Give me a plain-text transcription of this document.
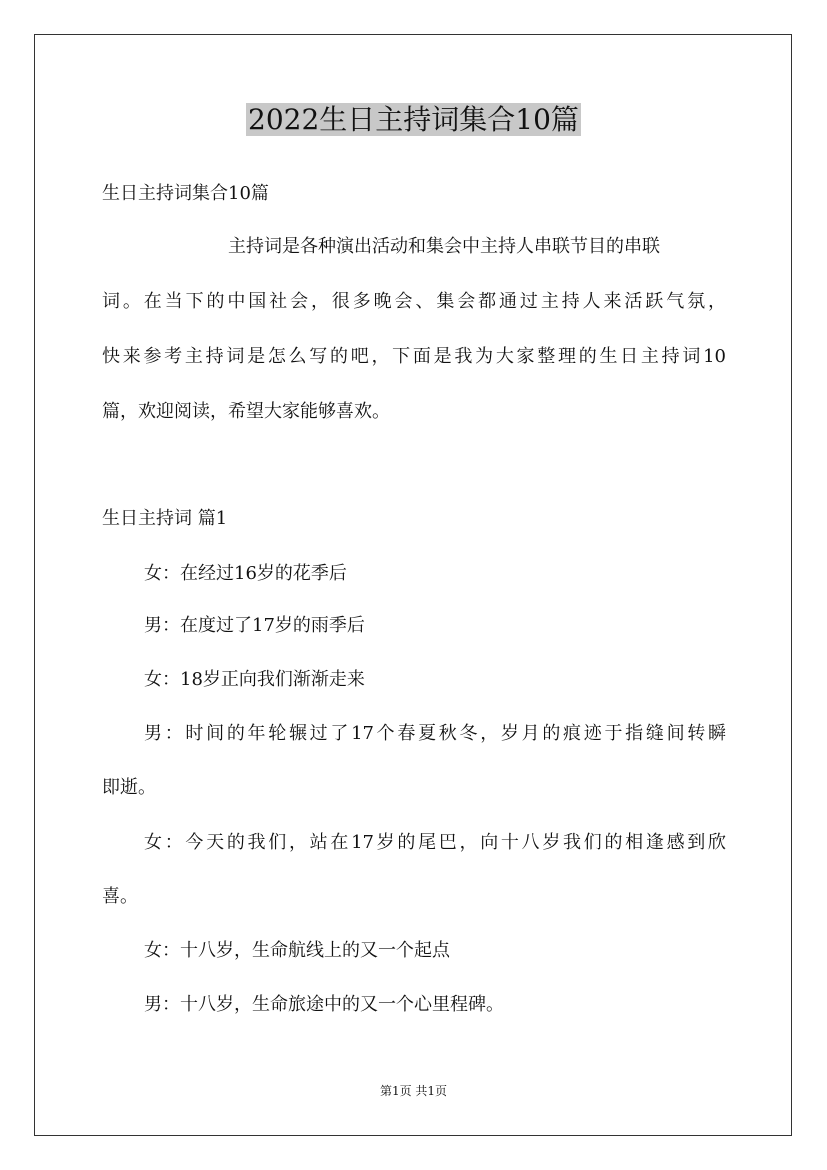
2022生日主持词集合10篇
生日主持词集合10篇
主持词是各种演出活动和集会中主持人串联节目的串联
词。在当下的中国社会，很多晚会、集会都通过主持人来活跃气氛，
快来参考主持词是怎么写的吧，下面是我为大家整理的生日主持词10
篇，欢迎阅读，希望大家能够喜欢。
生日主持词 篇1
女：在经过16岁的花季后
男：在度过了17岁的雨季后
女：18岁正向我们渐渐走来
男：时间的年轮辗过了17个春夏秋冬，岁月的痕迹于指缝间转瞬
即逝。
女：今天的我们，站在17岁的尾巴，向十八岁我们的相逢感到欣
喜。
女：十八岁，生命航线上的又一个起点
男：十八岁，生命旅途中的又一个心里程碑。
第1页 共1页
